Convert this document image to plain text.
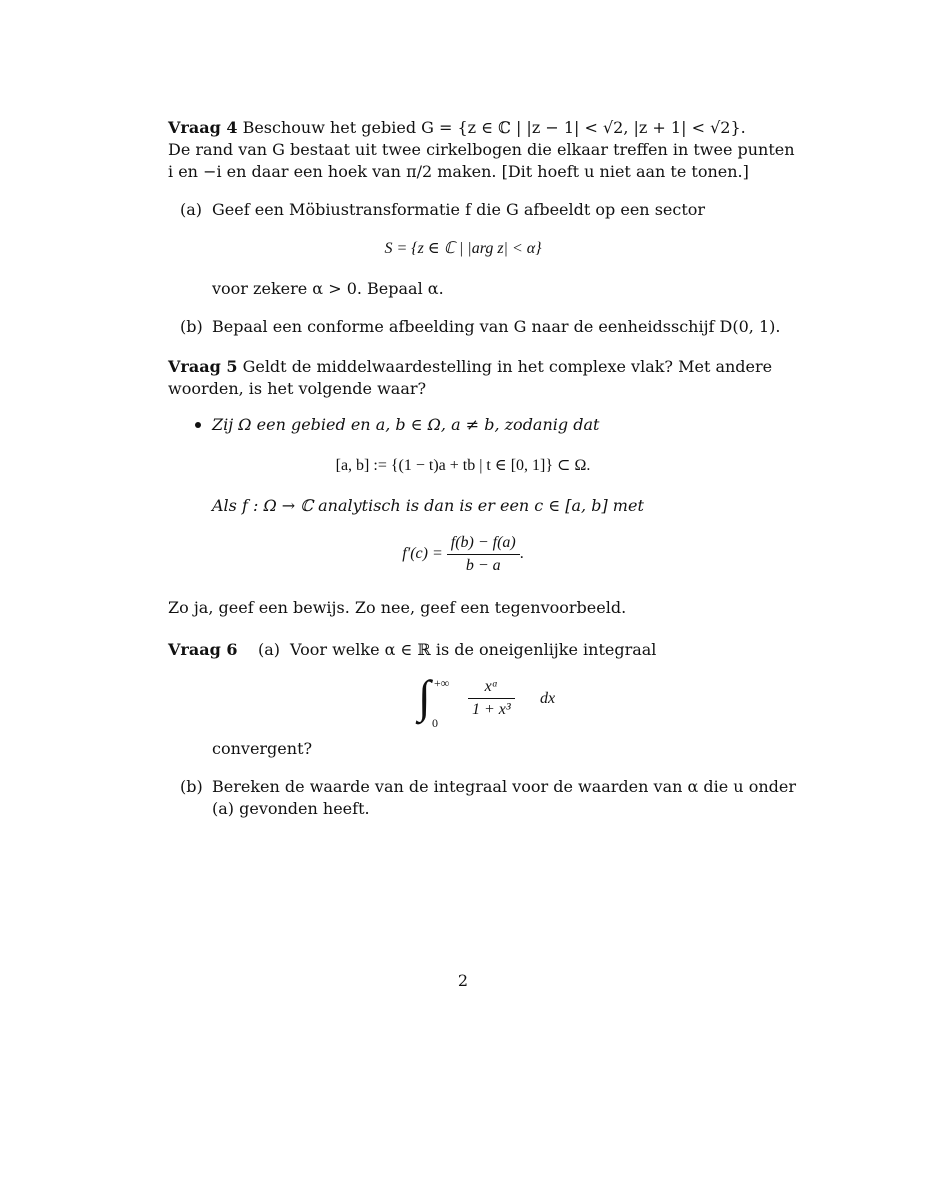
Vraag 4 Beschouw het gebied G = {z ∈ ℂ | |z − 1| < √2, |z + 1| < √2}.
De rand van G bestaat uit twee cirkelbogen die elkaar treffen in twee punten
i en −i en daar een hoek van π/2 maken. [Dit hoeft u niet aan te tonen.]
(a) Geef een Möbiustransformatie f die G afbeeldt op een sector
S = {z ∈ ℂ | |arg z| < α}
voor zekere α > 0. Bepaal α.
(b) Bepaal een conforme afbeelding van G naar de eenheidsschijf D(0, 1).
Vraag 5 Geldt de middelwaardestelling in het complexe vlak? Met andere
woorden, is het volgende waar?
Zij Ω een gebied en a, b ∈ Ω, a ≠ b, zodanig dat
[a, b] := {(1 − t)a + tb | t ∈ [0, 1]} ⊂ Ω.
Als f : Ω → ℂ analytisch is dan is er een c ∈ [a, b] met
$f'(c) = \frac{f(b) - f(a)}{b - a}$ .
Zo ja, geef een bewijs. Zo nee, geef een tegenvoorbeeld.
Vraag 6 (a) Voor welke α ∈ ℝ is de oneigenlijke integraal
∫ +∞
0
$\frac{\text{xᵅ}}{\text{1 + x³}}$ dx
convergent?
(b) Bereken de waarde van de integraal voor de waarden van α die u onder
(a) gevonden heeft.
2
